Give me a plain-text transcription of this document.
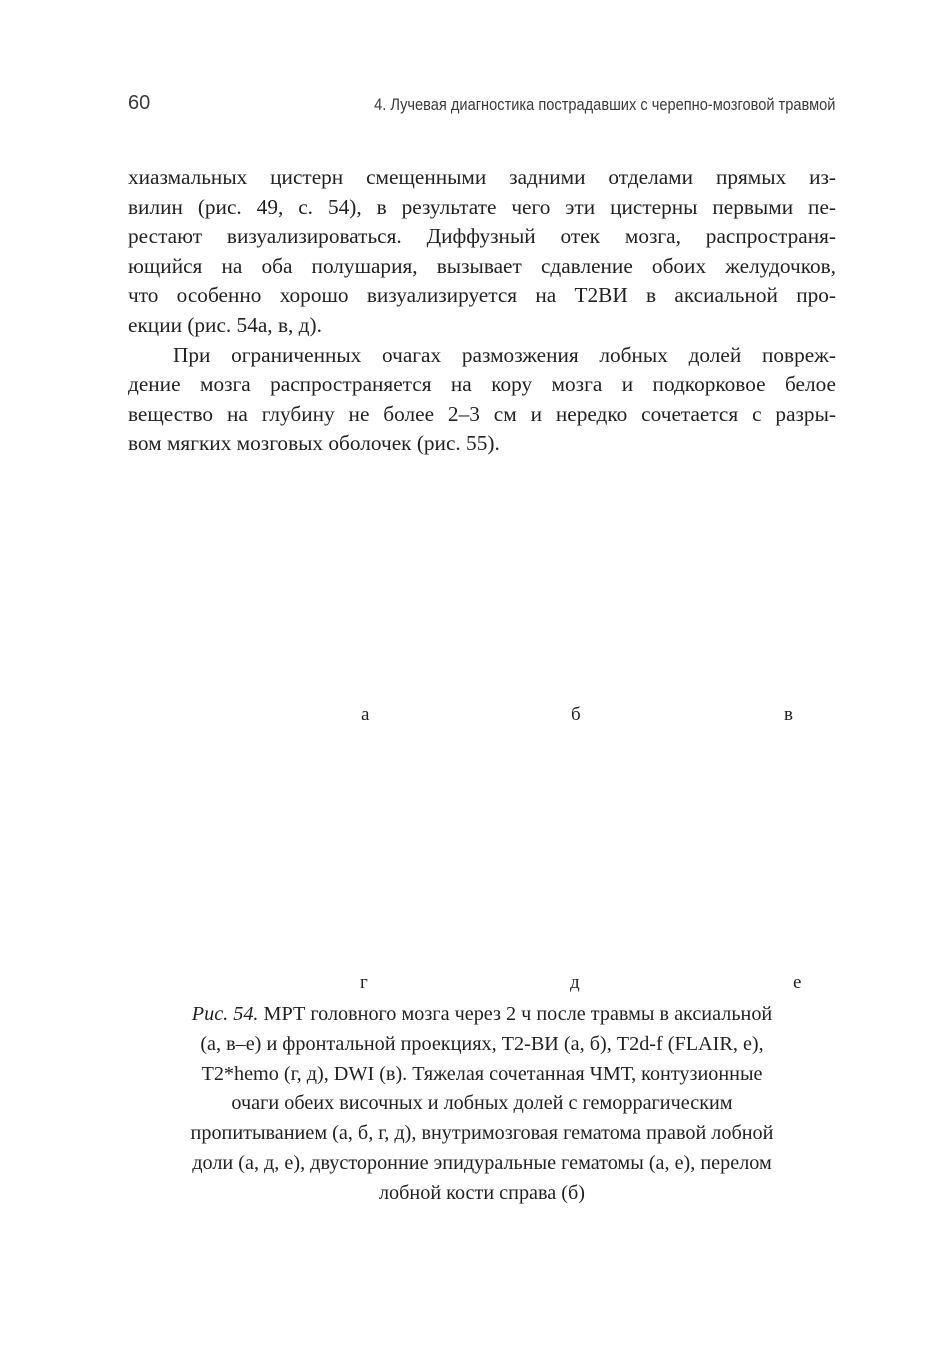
60	4. Лучевая диагностика пострадавших с черепно-мозговой травмой
хиазмальных цистерн смещенными задними отделами прямых из-
вилин (рис. 49, с. 54), в результате чего эти цистерны первыми пе-
рестают визуализироваться. Диффузный отек мозга, распространя-
ющийся на оба полушария, вызывает сдавление обоих желудочков,
что особенно хорошо визуализируется на Т2ВИ в аксиальной про-
екции (рис. 54а, в, д).
При ограниченных очагах размозжения лобных долей повреж-
дение мозга распространяется на кору мозга и подкорковое белое
вещество на глубину не более 2–3 см и нередко сочетается с разры-
вом мягких мозговых оболочек (рис. 55).
а	б	в
г	д	е
Рис. 54. МРТ головного мозга через 2 ч после травмы в аксиальной
(а, в–е) и фронтальной проекциях, Т2-ВИ (а, б), T2d-f (FLAIR, е),
T2*hemo (г, д), DWI (в). Тяжелая сочетанная ЧМТ, контузионные
очаги обеих височных и лобных долей с геморрагическим
пропитыванием (а, б, г, д), внутримозговая гематома правой лобной
доли (а, д, е), двусторонние эпидуральные гематомы (а, е), перелом
лобной кости справа (б)
